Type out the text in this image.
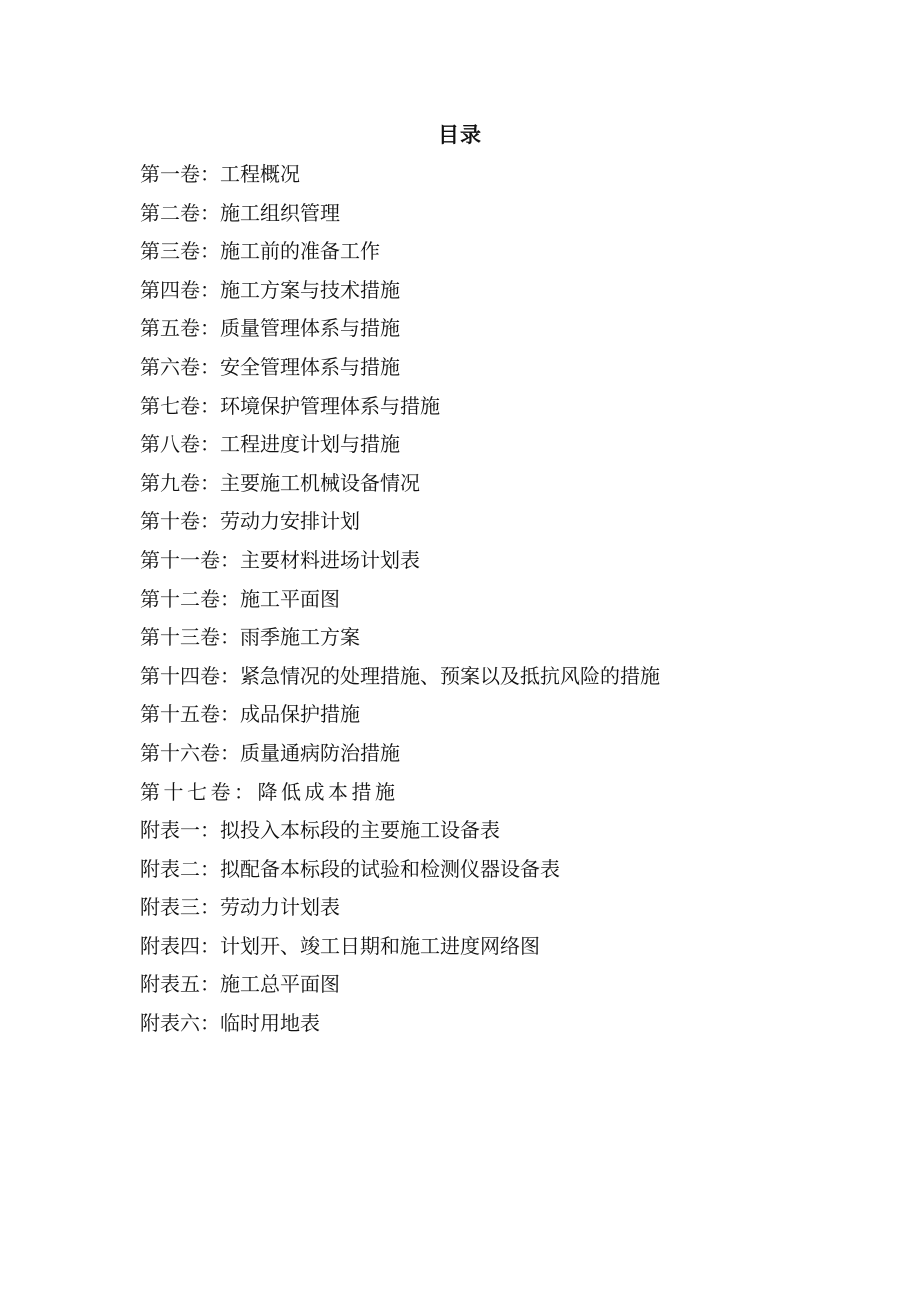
目录
第一卷：工程概况
第二卷：施工组织管理
第三卷：施工前的准备工作
第四卷：施工方案与技术措施
第五卷：质量管理体系与措施
第六卷：安全管理体系与措施
第七卷：环境保护管理体系与措施
第八卷：工程进度计划与措施
第九卷：主要施工机械设备情况
第十卷：劳动力安排计划
第十一卷：主要材料进场计划表
第十二卷：施工平面图
第十三卷：雨季施工方案
第十四卷：紧急情况的处理措施、预案以及抵抗风险的措施
第十五卷：成品保护措施
第十六卷：质量通病防治措施
第十七卷：降低成本措施
附表一：拟投入本标段的主要施工设备表
附表二：拟配备本标段的试验和检测仪器设备表
附表三：劳动力计划表
附表四：计划开、竣工日期和施工进度网络图
附表五：施工总平面图
附表六：临时用地表
